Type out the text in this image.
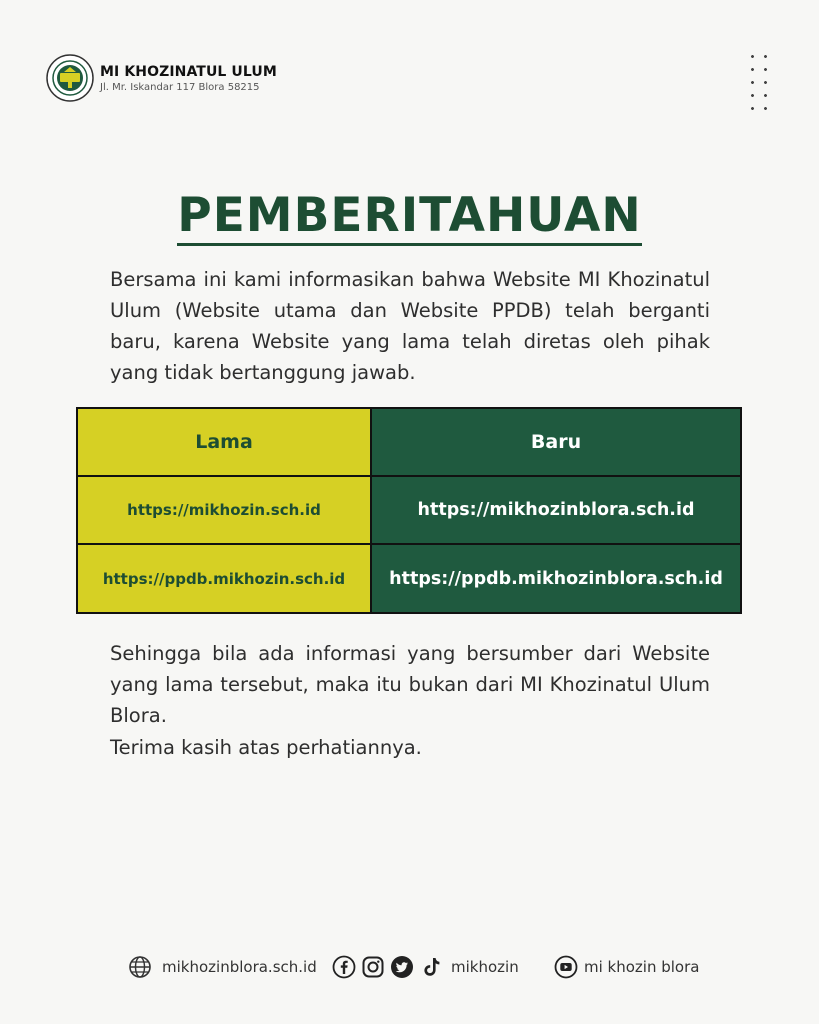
MI KHOZINATUL ULUM
Jl. Mr. Iskandar 117 Blora 58215
PEMBERITAHUAN
Bersama ini kami informasikan bahwa Website MI Khozinatul Ulum (Website utama dan Website PPDB) telah berganti baru, karena Website yang lama telah diretas oleh pihak yang tidak bertanggung jawab.
Lama	Baru
https://mikhozin.sch.id	https://mikhozinblora.sch.id
https://ppdb.mikhozin.sch.id	https://ppdb.mikhozinblora.sch.id
Sehingga bila ada informasi yang bersumber dari Website yang lama tersebut, maka itu bukan dari MI Khozinatul Ulum Blora.
Terima kasih atas perhatiannya.
mikhozinblora.sch.id	mikhozin	mi khozin blora
